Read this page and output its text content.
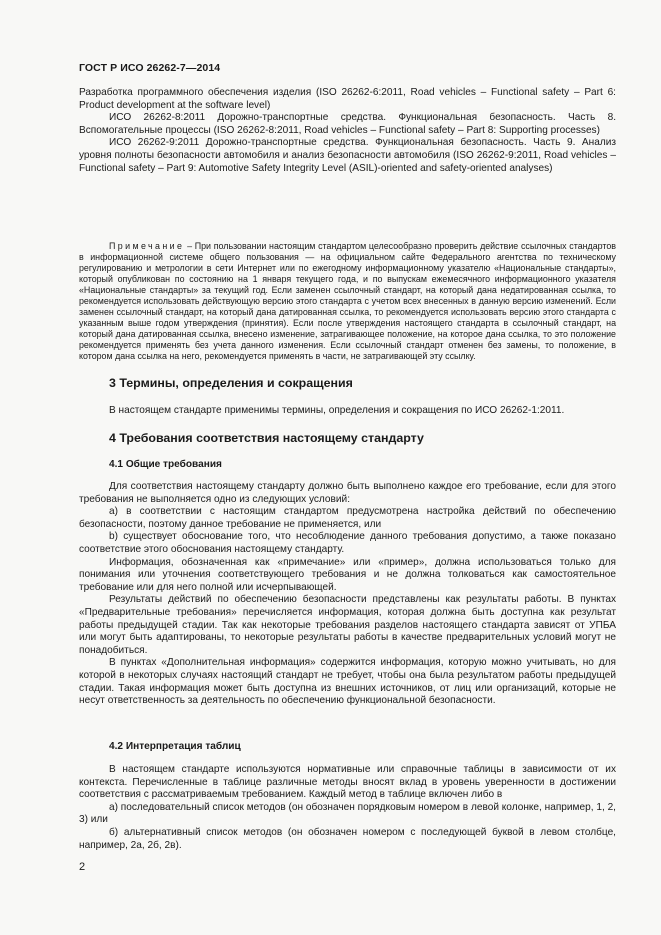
ГОСТ Р ИСО 26262-7—2014

Разработка программного обеспечения изделия (ISO 26262-6:2011, Road vehicles – Functional safety – Part 6: Product development at the software level)

ИСО 26262-8:2011 Дорожно-транспортные средства. Функциональная безопасность. Часть 8. Вспомогательные процессы (ISO 26262-8:2011, Road vehicles – Functional safety – Part 8: Supporting processes)

ИСО 26262-9:2011 Дорожно-транспортные средства. Функциональная безопасность. Часть 9. Анализ уровня полноты безопасности автомобиля и анализ безопасности автомобиля (ISO 26262-9:2011, Road vehicles – Functional safety – Part 9: Automotive Safety Integrity Level (ASIL)-oriented and safety-oriented analyses)

Примечание – При пользовании настоящим стандартом целесообразно проверить действие ссылочных стандартов в информационной системе общего пользования — на официальном сайте Федерального агентства по техническому регулированию и метрологии в сети Интернет или по ежегодному информационному указателю «Национальные стандарты», который опубликован по состоянию на 1 января текущего года, и по выпускам ежемесячного информационного указателя «Национальные стандарты» за текущий год. Если заменен ссылочный стандарт, на который дана недатированная ссылка, то рекомендуется использовать действующую версию этого стандарта с учетом всех внесенных в данную версию изменений. Если заменен ссылочный стандарт, на который дана датированная ссылка, то рекомендуется использовать версию этого стандарта с указанным выше годом утверждения (принятия). Если после утверждения настоящего стандарта в ссылочный стандарт, на который дана датированная ссылка, внесено изменение, затрагивающее положение, на которое дана ссылка, то это положение рекомендуется применять без учета данного изменения. Если ссылочный стандарт отменен без замены, то положение, в котором дана ссылка на него, рекомендуется применять в части, не затрагивающей эту ссылку.

3 Термины, определения и сокращения
В настоящем стандарте применимы термины, определения и сокращения по ИСО 26262-1:2011.
4 Требования соответствия настоящему стандарту
4.1 Общие требования

Для соответствия настоящему стандарту должно быть выполнено каждое его требование, если для этого требования не выполняется одно из следующих условий:

а) в соответствии с настоящим стандартом предусмотрена настройка действий по обеспечению безопасности, поэтому данное требование не применяется, или

b) существует обоснование того, что несоблюдение данного требования допустимо, а также показано соответствие этого обоснования настоящему стандарту.

Информация, обозначенная как «примечание» или «пример», должна использоваться только для понимания или уточнения соответствующего требования и не должна толковаться как самостоятельное требование или для него полной или исчерпывающей.

Результаты действий по обеспечению безопасности представлены как результаты работы. В пунктах «Предварительные требования» перечисляется информация, которая должна быть доступна как результат работы предыдущей стадии. Так как некоторые требования разделов настоящего стандарта зависят от УПБА или могут быть адаптированы, то некоторые результаты работы в качестве предварительных условий могут не понадобиться.

В пунктах «Дополнительная информация» содержится информация, которую можно учитывать, но для которой в некоторых случаях настоящий стандарт не требует, чтобы она была результатом работы предыдущей стадии. Такая информация может быть доступна из внешних источников, от лиц или организаций, которые не несут ответственность за деятельность по обеспечению функциональной безопасности.

4.2 Интерпретация таблиц

В настоящем стандарте используются нормативные или справочные таблицы в зависимости от их контекста. Перечисленные в таблице различные методы вносят вклад в уровень уверенности в достижении соответствия с рассматриваемым требованием. Каждый метод в таблице включен либо в

а) последовательный список методов (он обозначен порядковым номером в левой колонке, например, 1, 2, 3) или

б) альтернативный список методов (он обозначен номером с последующей буквой в левом столбце, например, 2а, 2б, 2в).

2
